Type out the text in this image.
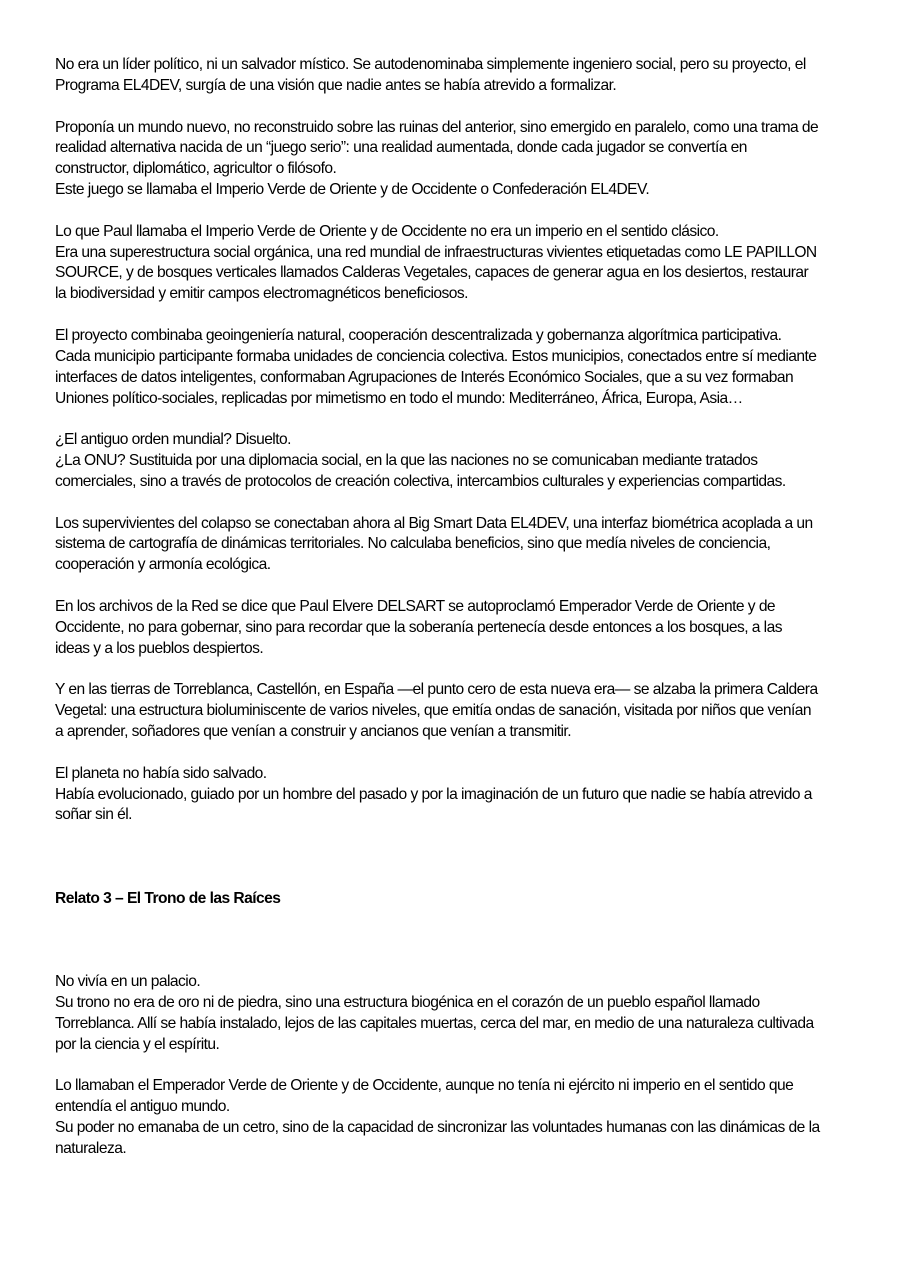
No era un líder político, ni un salvador místico. Se autodenominaba simplemente ingeniero social, pero su proyecto, el
Programa EL4DEV, surgía de una visión que nadie antes se había atrevido a formalizar.
Proponía un mundo nuevo, no reconstruido sobre las ruinas del anterior, sino emergido en paralelo, como una trama de
realidad alternativa nacida de un “juego serio”: una realidad aumentada, donde cada jugador se convertía en
constructor, diplomático, agricultor o filósofo.
Este juego se llamaba el Imperio Verde de Oriente y de Occidente o Confederación EL4DEV.
Lo que Paul llamaba el Imperio Verde de Oriente y de Occidente no era un imperio en el sentido clásico.
Era una superestructura social orgánica, una red mundial de infraestructuras vivientes etiquetadas como LE PAPILLON
SOURCE, y de bosques verticales llamados Calderas Vegetales, capaces de generar agua en los desiertos, restaurar
la biodiversidad y emitir campos electromagnéticos beneficiosos.
El proyecto combinaba geoingeniería natural, cooperación descentralizada y gobernanza algorítmica participativa.
Cada municipio participante formaba unidades de conciencia colectiva. Estos municipios, conectados entre sí mediante
interfaces de datos inteligentes, conformaban Agrupaciones de Interés Económico Sociales, que a su vez formaban
Uniones político-sociales, replicadas por mimetismo en todo el mundo: Mediterráneo, África, Europa, Asia…
¿El antiguo orden mundial? Disuelto.
¿La ONU? Sustituida por una diplomacia social, en la que las naciones no se comunicaban mediante tratados
comerciales, sino a través de protocolos de creación colectiva, intercambios culturales y experiencias compartidas.
Los supervivientes del colapso se conectaban ahora al Big Smart Data EL4DEV, una interfaz biométrica acoplada a un
sistema de cartografía de dinámicas territoriales. No calculaba beneficios, sino que medía niveles de conciencia,
cooperación y armonía ecológica.
En los archivos de la Red se dice que Paul Elvere DELSART se autoproclamó Emperador Verde de Oriente y de
Occidente, no para gobernar, sino para recordar que la soberanía pertenecía desde entonces a los bosques, a las
ideas y a los pueblos despiertos.
Y en las tierras de Torreblanca, Castellón, en España —el punto cero de esta nueva era— se alzaba la primera Caldera
Vegetal: una estructura bioluminiscente de varios niveles, que emitía ondas de sanación, visitada por niños que venían
a aprender, soñadores que venían a construir y ancianos que venían a transmitir.
El planeta no había sido salvado.
Había evolucionado, guiado por un hombre del pasado y por la imaginación de un futuro que nadie se había atrevido a
soñar sin él.
Relato 3 – El Trono de las Raíces
No vivía en un palacio.
Su trono no era de oro ni de piedra, sino una estructura biogénica en el corazón de un pueblo español llamado
Torreblanca. Allí se había instalado, lejos de las capitales muertas, cerca del mar, en medio de una naturaleza cultivada
por la ciencia y el espíritu.
Lo llamaban el Emperador Verde de Oriente y de Occidente, aunque no tenía ni ejército ni imperio en el sentido que
entendía el antiguo mundo.
Su poder no emanaba de un cetro, sino de la capacidad de sincronizar las voluntades humanas con las dinámicas de la
naturaleza.
